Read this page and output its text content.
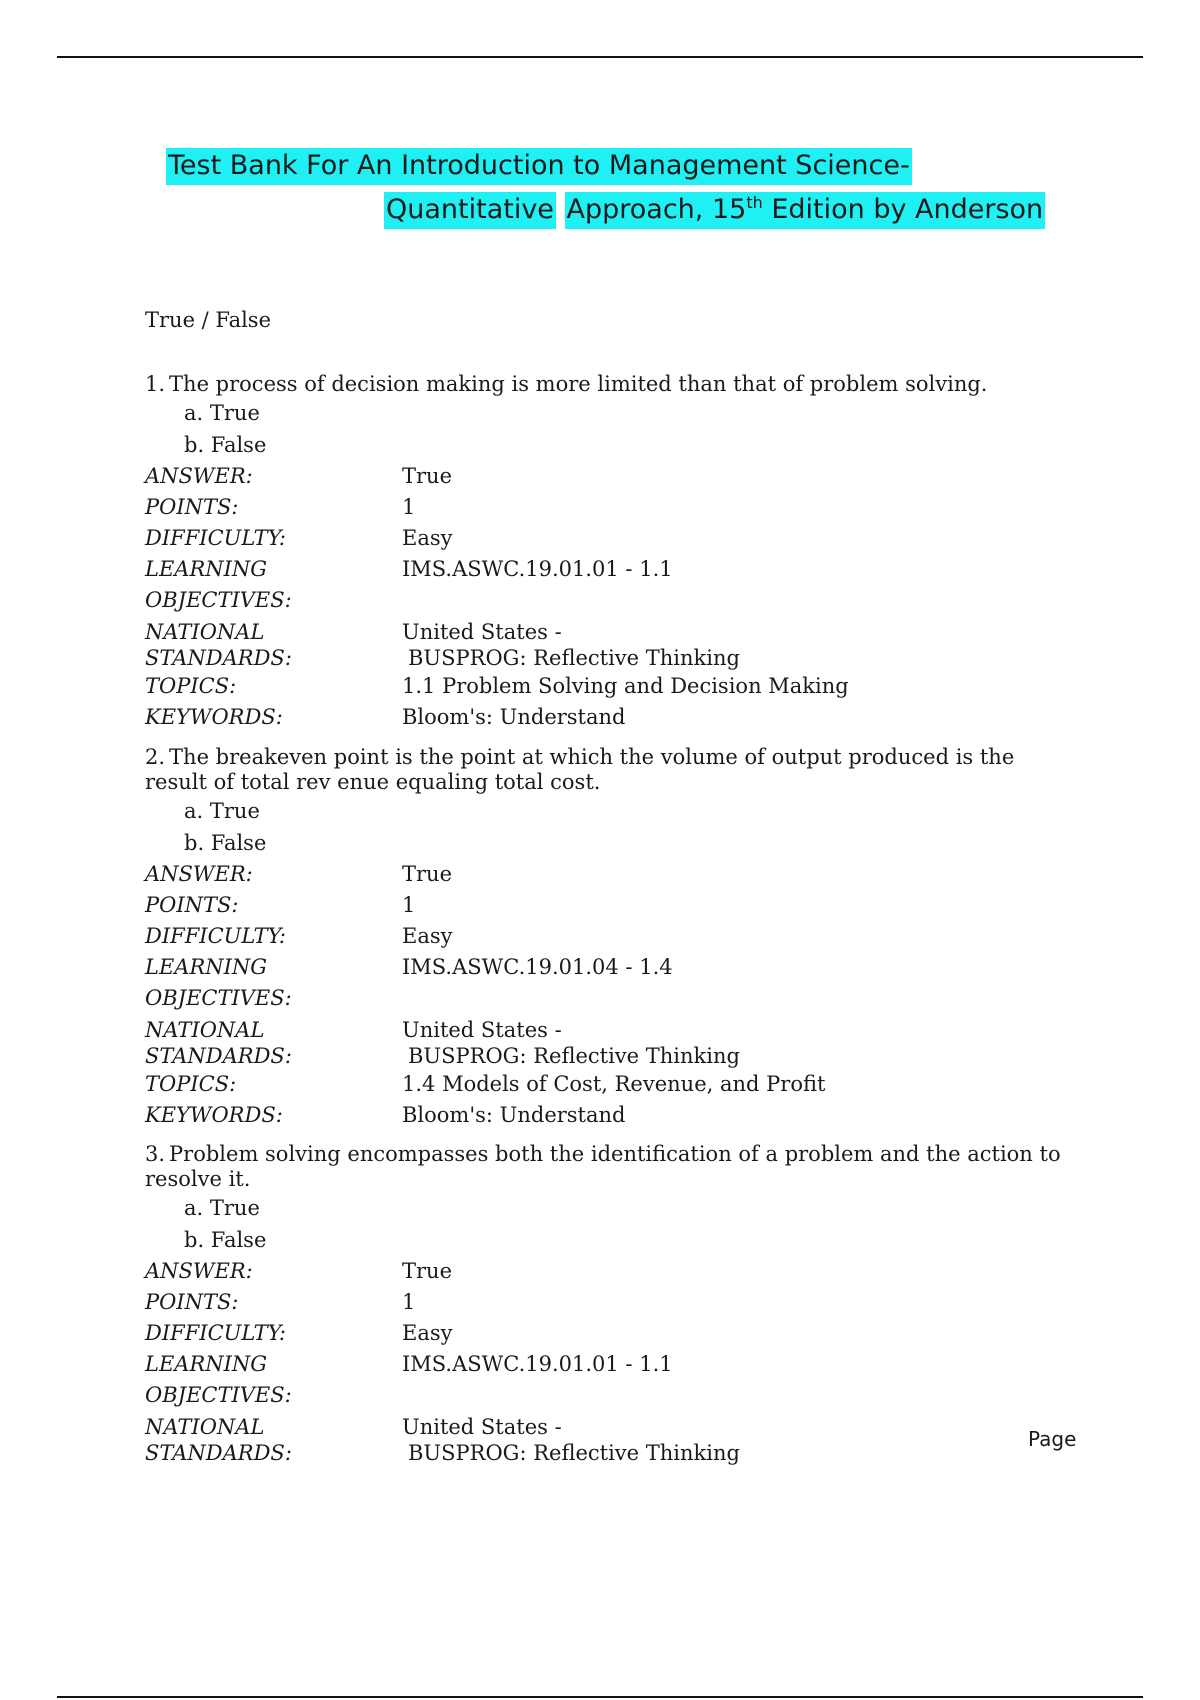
Test Bank For An Introduction to Management Science-
Quantitative Approach, 15th Edition by Anderson
True / False

1. The process of decision making is more limited than that of problem solving.

a. True
b. False
ANSWER:	True
POINTS:	1
DIFFICULTY:	Easy
LEARNING OBJECTIVES:
IMS.ASWC.19.01.01 - 1.1
NATIONAL STANDARDS:
United States -
BUSPROG: Reflective Thinking
TOPICS:	1.1 Problem Solving and Decision Making
KEYWORDS:	Bloom's: Understand

2. The breakeven point is the point at which the volume of output produced is the result of total rev enue equaling total cost.

a. True
b. False
ANSWER:	True
POINTS:	1
DIFFICULTY:	Easy
LEARNING OBJECTIVES:
IMS.ASWC.19.01.04 - 1.4
NATIONAL STANDARDS:
United States -
BUSPROG: Reflective Thinking
TOPICS:	1.4 Models of Cost, Revenue, and Profit
KEYWORDS:	Bloom's: Understand

3. Problem solving encompasses both the identification of a problem and the action to resolve it.

a. True
b. False
ANSWER:	True
POINTS:	1
DIFFICULTY:	Easy
LEARNING OBJECTIVES:
IMS.ASWC.19.01.01 - 1.1
NATIONAL STANDARDS:
United States -
BUSPROG: Reflective Thinking
Page
